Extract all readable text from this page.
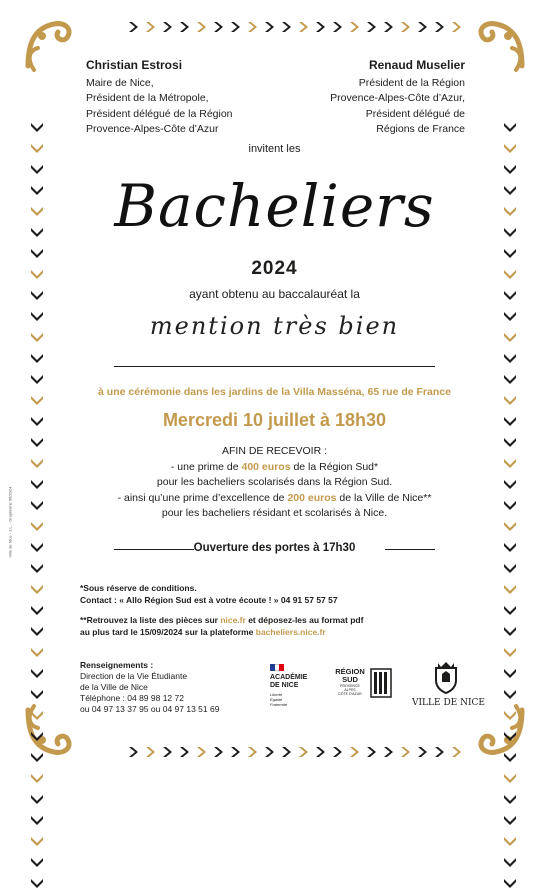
Ville de Nice - J.L. - Graphisme 06/2024
Christian Estrosi
Maire de Nice,
Président de la Métropole,
Président délégué de la Région
Provence-Alpes-Côte d’Azur
Renaud Muselier
Président de la Région
Provence-Alpes-Côte d’Azur,
Président délégué de
Régions de France
invitent les
Bacheliers
2024
ayant obtenu au baccalauréat la
mention très bien
à une cérémonie dans les jardins de la Villa Masséna, 65 rue de France
Mercredi 10 juillet à 18h30
AFIN DE RECEVOIR :
- une prime de 400 euros de la Région Sud*
pour les bacheliers scolarisés dans la Région Sud.
- ainsi qu’une prime d’excellence de 200 euros de la Ville de Nice**
pour les bacheliers résidant et scolarisés à Nice.
Ouverture des portes à 17h30
*Sous réserve de conditions.
Contact : « Allo Région Sud est à votre écoute ! » 04 91 57 57 57
**Retrouvez la liste des pièces sur nice.fr et déposez-les au format pdf
au plus tard le 15/09/2024 sur la plateforme bacheliers.nice.fr
Renseignements :
Direction de la Vie Étudiante
de la Ville de Nice
Téléphone : 04 89 98 12 72
ou 04 97 13 37 95 ou 04 97 13 51 69
ACADÉMIE
DE NICE
Liberté
Égalité
Fraternité
RÉGION
SUD
PROVENCE
ALPES
CÔTE D'AZUR
VILLE DE NICE
